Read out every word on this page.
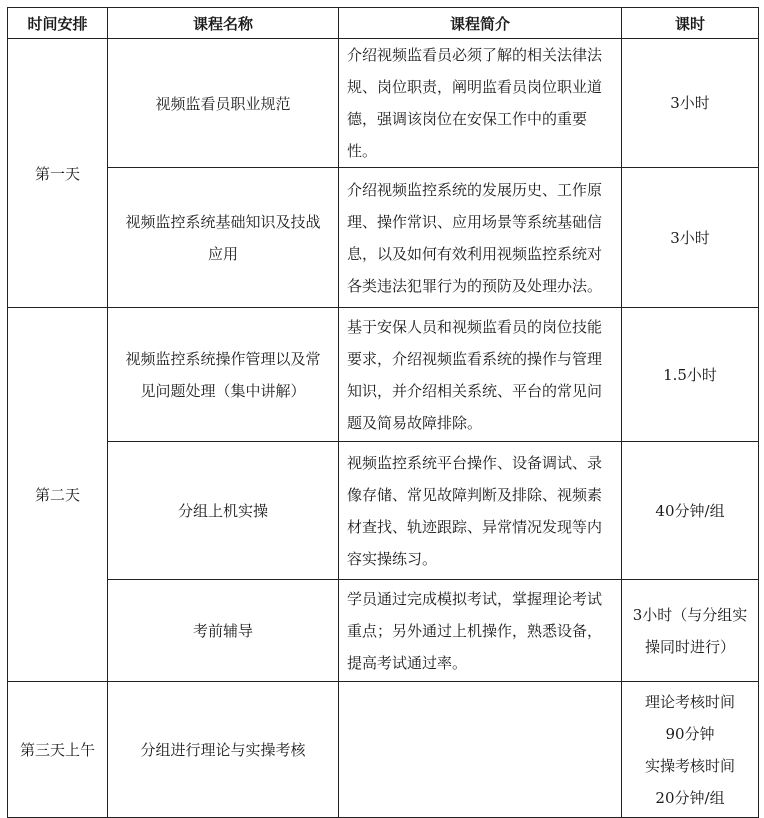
时间安排	课程名称	课程简介	课时
第一天	视频监看员职业规范	介绍视频监看员必须了解的相关法律法规、岗位职责，阐明监看员岗位职业道德，强调该岗位在安保工作中的重要性。	3小时

	视频监控系统基础知识及技战应用	介绍视频监控系统的发展历史、工作原理、操作常识、应用场景等系统基础信息，以及如何有效利用视频监控系统对各类违法犯罪行为的预防及处理办法。	3小时
第二天	视频监控系统操作管理以及常见问题处理（集中讲解）	基于安保人员和视频监看员的岗位技能要求，介绍视频监看系统的操作与管理知识，并介绍相关系统、平台的常见问题及简易故障排除。	1.5小时
	分组上机实操	视频监控系统平台操作、设备调试、录像存储、常见故障判断及排除、视频素材查找、轨迹跟踪、异常情况发现等内容实操练习。	40分钟/组
	考前辅导	学员通过完成模拟考试，掌握理论考试重点；另外通过上机操作，熟悉设备，提高考试通过率。	3小时（与分组实操同时进行）

第三天上午	分组进行理论与实操考核		理论考核时间
90分钟
实操考核时间
20分钟/组
